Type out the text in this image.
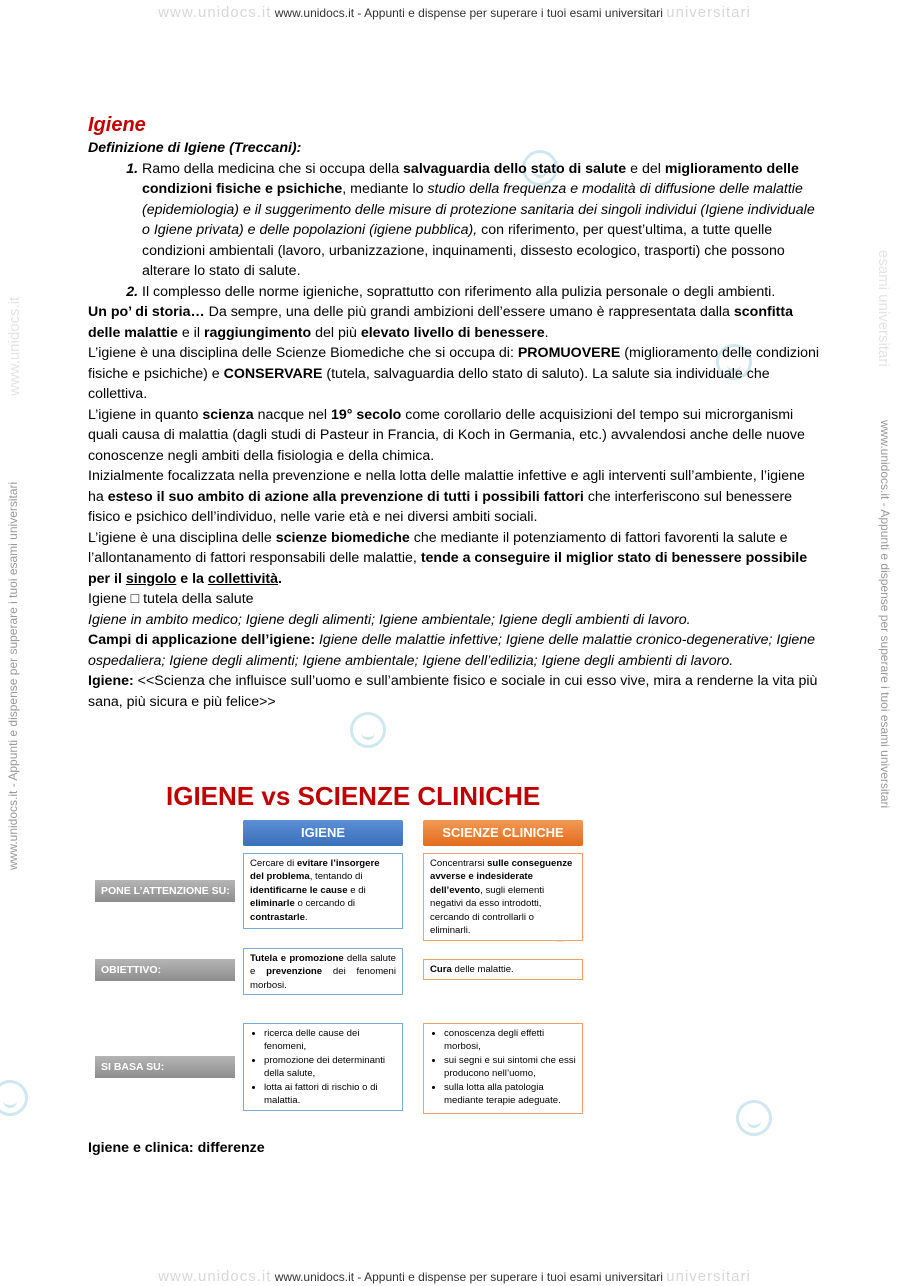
www.unidocs.it www.unidocs.it - Appunti e dispense per superare i tuoi esami universitari universitari
www.unidocs.it www.unidocs.it - Appunti e dispense per superare i tuoi esami universitari universitari
www.unidocs.it - Appunti e dispense per superare i tuoi esami universitari
www.unidocs.it
www.unidocs.it - Appunti e dispense per superare i tuoi esami universitari
esami universitari

Igiene

Definizione di Igiene (Treccani):

1. Ramo della medicina che si occupa della salvaguardia dello stato di salute e del miglioramento delle condizioni fisiche e psichiche, mediante lo studio della frequenza e modalità di diffusione delle malattie (epidemiologia) e il suggerimento delle misure di protezione sanitaria dei singoli individui (Igiene individuale o Igiene privata) e delle popolazioni (igiene pubblica), con riferimento, per quest’ultima, a tutte quelle condizioni ambientali (lavoro, urbanizzazione, inquinamenti, dissesto ecologico, trasporti) che possono alterare lo stato di salute.
2. Il complesso delle norme igieniche, soprattutto con riferimento alla pulizia personale o degli ambienti.

Un po’ di storia… Da sempre, una delle più grandi ambizioni dell’essere umano è rappresentata dalla sconfitta delle malattie e il raggiungimento del più elevato livello di benessere.

L’igiene è una disciplina delle Scienze Biomediche che si occupa di: PROMUOVERE (miglioramento delle condizioni fisiche e psichiche) e CONSERVARE (tutela, salvaguardia dello stato di saluto). La salute sia individuale che collettiva.

L’igiene in quanto scienza nacque nel 19° secolo come corollario delle acquisizioni del tempo sui microrganismi quali causa di malattia (dagli studi di Pasteur in Francia, di Koch in Germania, etc.) avvalendosi anche delle nuove conoscenze negli ambiti della fisiologia e della chimica.

Inizialmente focalizzata nella prevenzione e nella lotta delle malattie infettive e agli interventi sull’ambiente, l’igiene ha esteso il suo ambito di azione alla prevenzione di tutti i possibili fattori che interferiscono sul benessere fisico e psichico dell’individuo, nelle varie età e nei diversi ambiti sociali.

L’igiene è una disciplina delle scienze biomediche che mediante il potenziamento di fattori favorenti la salute e l’allontanamento di fattori responsabili delle malattie, tende a conseguire il miglior stato di benessere possibile per il singolo e la collettività.

Igiene □ tutela della salute

Igiene in ambito medico; Igiene degli alimenti; Igiene ambientale; Igiene degli ambienti di lavoro.

Campi di applicazione dell’igiene: Igiene delle malattie infettive; Igiene delle malattie cronico-degenerative; Igiene ospedaliera; Igiene degli alimenti; Igiene ambientale; Igiene dell’edilizia; Igiene degli ambienti di lavoro.

Igiene: <<Scienza che influisce sull’uomo e sull’ambiente fisico e sociale in cui esso vive, mira a renderne la vita più sana, più sicura e più felice>>

IGIENE vs SCIENZE CLINICHE
IGIENE	SCIENZE CLINICHE
PONE L’ATTENZIONE SU:
Cercare di evitare l’insorgere del problema, tentando di identificarne le cause e di eliminarle o cercando di contrastarle.
Concentrarsi sulle conseguenze avverse e indesiderate dell’evento, sugli elementi negativi da esso introdotti, cercando di controllarli o eliminarli.
OBIETTIVO:
Tutela e promozione della salute e prevenzione dei fenomeni morbosi.
Cura delle malattie.
SI BASA SU:
• ricerca delle cause dei fenomeni,
• promozione dei determinanti della salute,
• lotta ai fattori di rischio o di malattia.
• conoscenza degli effetti morbosi,
• sui segni e sui sintomi che essi producono nell’uomo,
• sulla lotta alla patologia mediante terapie adeguate.
Igiene e clinica: differenze
